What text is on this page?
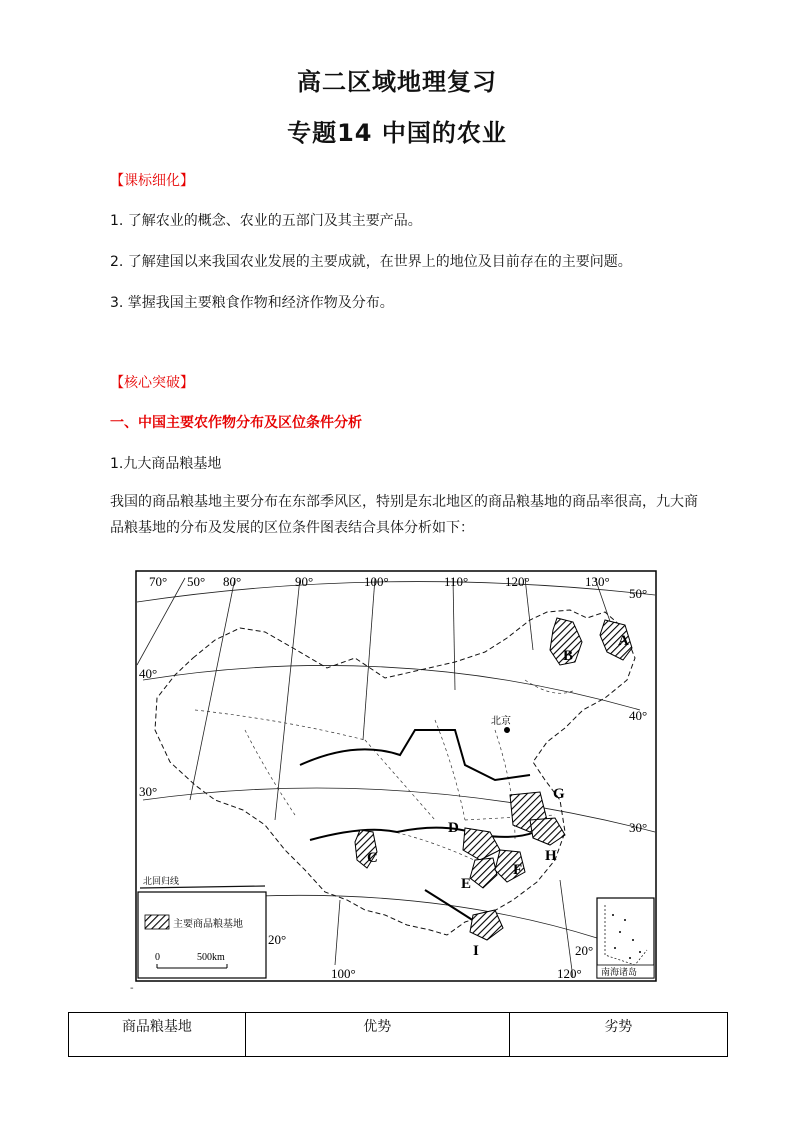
高二区域地理复习
专题14 中国的农业
【课标细化】
1. 了解农业的概念、农业的五部门及其主要产品。
2. 了解建国以来我国农业发展的主要成就，在世界上的地位及目前存在的主要问题。
3. 掌握我国主要粮食作物和经济作物及分布。
【核心突破】
一、中国主要农作物分布及区位条件分析
1.九大商品粮基地
我国的商品粮基地主要分布在东部季风区，特别是东北地区的商品粮基地的商品率很高，九大商品粮基地的分布及发展的区位条件图表结合具体分析如下：
北京
70° 50° 80°	90°	100°	110°	120°	130°
100°	120°
50°
40°
30°
20°
40°
30°
20°
A
B
C
D
E
F
G
H
I
北回归线
主要商品粮基地
0	500km
南海诸岛
-
商品粮基地	优势	劣势
